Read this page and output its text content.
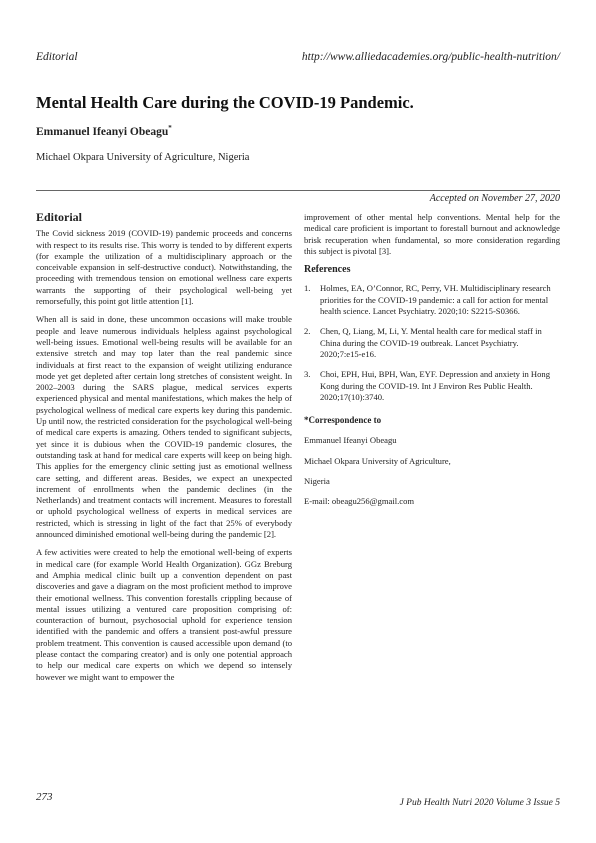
Editorial	http://www.alliedacademies.org/public-health-nutrition/
Mental Health Care during the COVID-19 Pandemic.
Emmanuel Ifeanyi Obeagu*
Michael Okpara University of Agriculture, Nigeria
Accepted on November 27, 2020
Editorial

The Covid sickness 2019 (COVID-19) pandemic proceeds and concerns with respect to its results rise. This worry is tended to by different experts (for example the utilization of a multidisciplinary approach or the conceivable expansion in self-destructive conduct). Notwithstanding, the proceeding with tremendous tension on emotional wellness care experts warrants the supporting of their psychological well-being yet remorsefully, this point got little attention [1].

When all is said in done, these uncommon occasions will make trouble people and leave numerous individuals helpless against psychological well-being issues. Emotional well-being results will be available for an extensive stretch and may top later than the real pandemic since individuals at first react to the expansion of weight utilizing endurance mode yet get depleted after certain long stretches of consistent weight. In 2002–2003 during the SARS plague, medical services experts experienced physical and mental manifestations, which makes the help of psychological wellness of medical care experts key during this pandemic. Up until now, the restricted consideration for the psychological well-being of medical care experts is amazing. Others tended to significant subjects, yet since it is dubious when the COVID-19 pandemic closures, the outstanding task at hand for medical care experts will keep on being high. This applies for the emergency clinic setting just as emotional wellness care setting, and different areas. Besides, we expect an unexpected increment of enrollments when the pandemic declines (in the Netherlands) and treatment contacts will increment. Measures to forestall or uphold psychological wellness of experts in medical services are restricted, which is stressing in light of the fact that 25% of everybody announced diminished emotional well-being during the pandemic [2].

A few activities were created to help the emotional well-being of experts in medical care (for example World Health Organization). GGz Breburg and Amphia medical clinic built up a convention dependent on past discoveries and gave a diagram on the most proficient method to improve their emotional wellness. This convention forestalls crippling because of mental issues utilizing a ventured care proposition comprising of: counteraction of burnout, psychosocial uphold for experience tension identified with the pandemic and offers a transient post-awful pressure problem treatment. This convention is caused accessible upon demand (to please contact the comparing creator) and is only one potential approach to help our medical care experts on which we depend so intensely however we might want to empower the

improvement of other mental help conventions. Mental help for the medical care proficient is important to forestall burnout and acknowledge brisk recuperation when fundamental, so more consideration regarding this subject is pivotal [3].

References
1.	Holmes, EA, O’Connor, RC, Perry, VH. Multidisciplinary research priorities for the COVID-19 pandemic: a call for action for mental health science. Lancet Psychiatry. 2020;10: S2215-S0366.
2.	Chen, Q, Liang, M, Li, Y. Mental health care for medical staff in China during the COVID-19 outbreak. Lancet Psychiatry. 2020;7:e15-e16.
3.	Choi, EPH, Hui, BPH, Wan, EYF. Depression and anxiety in Hong Kong during the COVID-19. Int J Environ Res Public Health. 2020;17(10):3740.
*Correspondence to
Emmanuel Ifeanyi Obeagu
Michael Okpara University of Agriculture,
Nigeria
E-mail: obeagu256@gmail.com
273	J Pub Health Nutri 2020 Volume 3 Issue 5
